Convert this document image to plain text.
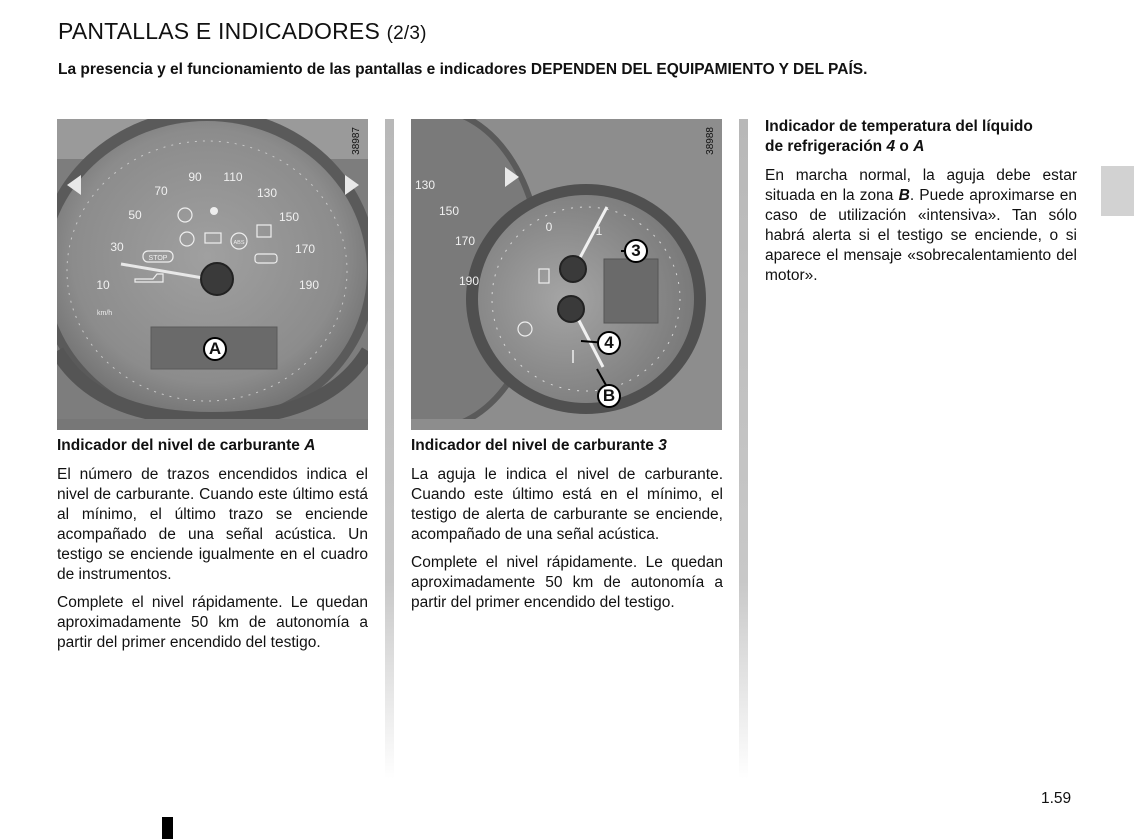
PANTALLAS E INDICADORES (2/3)
La presencia y el funcionamiento de las pantallas e indicadores DEPENDEN DEL EQUIPAMIENTO Y DEL PAÍS.
10
30
50
70
90 110
130
150
170
190
km/h
STOP
ABS
38987
A
130
150
170
190
0	1
38988
3
4
B
Indicador del nivel de carburante A

El número de trazos encendidos indica el nivel de carburante. Cuando este último está al mínimo, el último trazo se enciende acompañado de una señal acústica. Un testigo se enciende igualmente en el cuadro de instrumentos.

Complete el nivel rápidamente. Le quedan aproximadamente 50 km de autonomía a partir del primer encendido del testigo.

Indicador del nivel de carburante 3

La aguja le indica el nivel de carburante. Cuando este último está en el mínimo, el testigo de alerta de carburante se enciende, acompañado de una señal acústica.

Complete el nivel rápidamente. Le quedan aproximadamente 50 km de autonomía a partir del primer encendido del testigo.

Indicador de temperatura del líquido
de refrigeración 4 o A

En marcha normal, la aguja debe estar situada en la zona B. Puede aproximarse en caso de utilización «intensiva». Tan sólo habrá alerta si el testigo se enciende, o si aparece el mensaje «sobrecalentamiento del motor».

1.59
